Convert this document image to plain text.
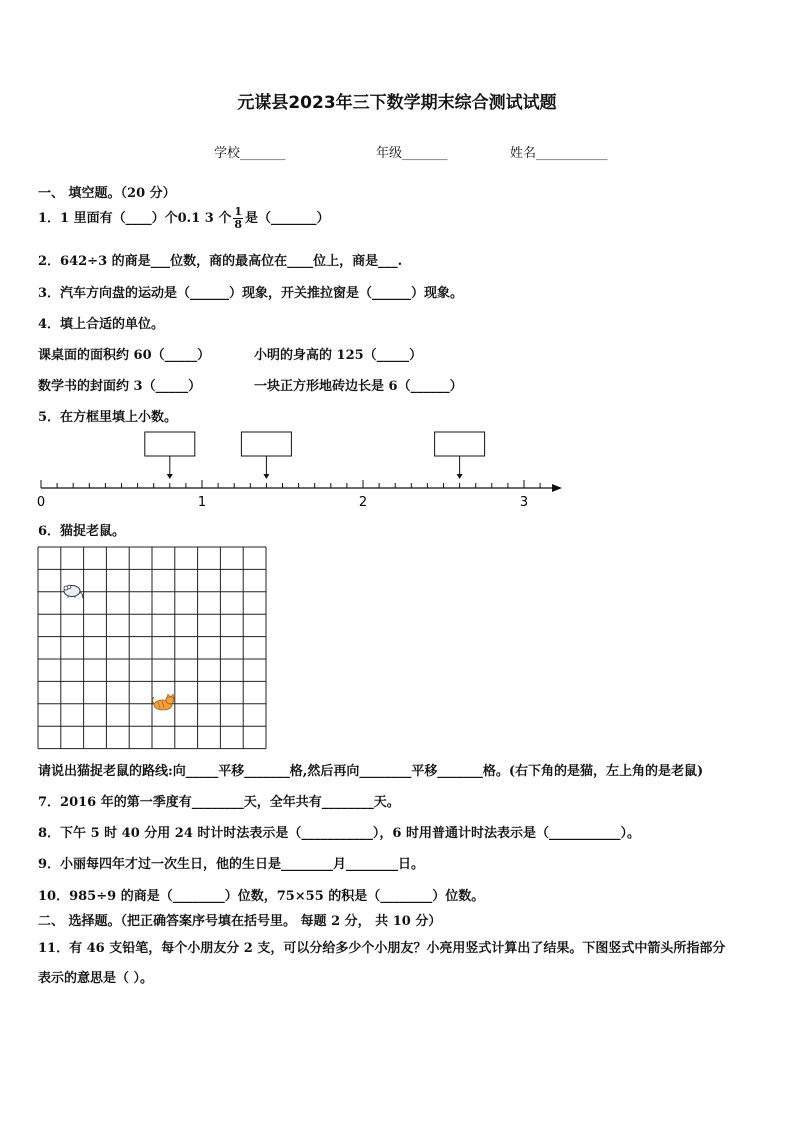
元谋县2023年三下数学期末综合测试试题
学校_______	年级_______	姓名___________
一、 填空题。（20 分）
1．1 里面有（____）个0.1 3 个 $\frac{1}{8}$ 是（_______）
2．642÷3 的商是___位数，商的最高位在____位上，商是___.
3．汽车方向盘的运动是（______）现象，开关推拉窗是（______）现象。
4．填上合适的单位。
课桌面的面积约 60（_____）	小明的身高的 125（_____）
数学书的封面约 3（_____）	一块正方形地砖边长是 6（______）
5．在方框里填上小数。
0	1	2	3
6．猫捉老鼠。
请说出猫捉老鼠的路线:向_____平移_______格,然后再向________平移_______格。(右下角的是猫，左上角的是老鼠)
7．2016 年的第一季度有________天，全年共有________天。
8．下午 5 时 40 分用 24 时计时法表示是（___________），6 时用普通计时法表示是（___________）。
9．小丽每四年才过一次生日，他的生日是________月________日。
10．985÷9 的商是（________）位数，75×55 的积是（________）位数。
二、 选择题。（把正确答案序号填在括号里。 每题 2 分， 共 10 分）
11．有 46 支铅笔，每个小朋友分 2 支，可以分给多少个小朋友？小亮用竖式计算出了结果。下图竖式中箭头所指部分
表示的意思是（ ）。
